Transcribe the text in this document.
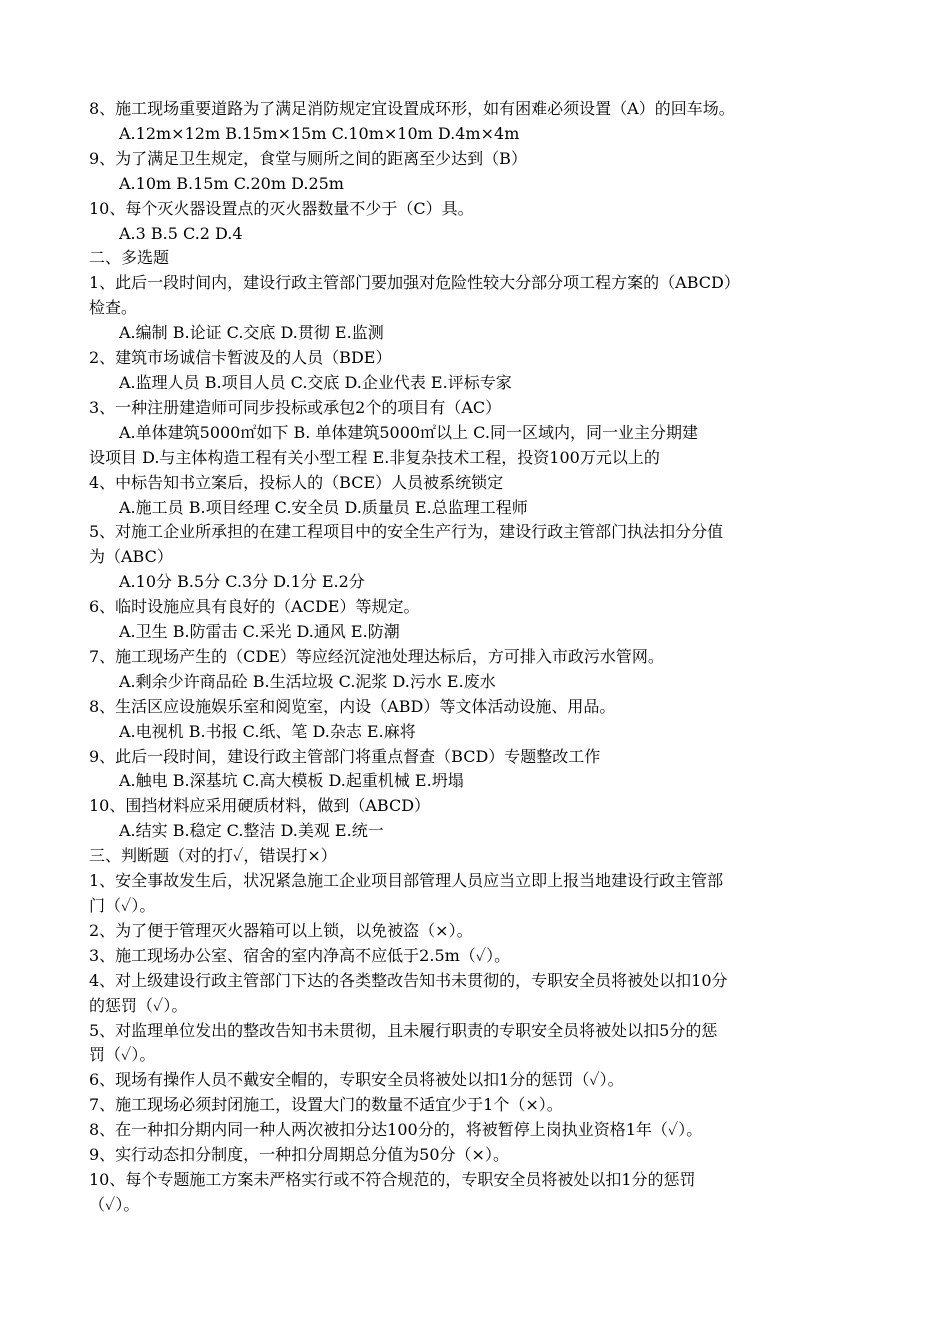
8、施工现场重要道路为了满足消防规定宜设置成环形，如有困难必须设置（A）的回车场。
A.12m×12m B.15m×15m C.10m×10m D.4m×4m
9、为了满足卫生规定，食堂与厕所之间的距离至少达到（B）
A.10m B.15m C.20m D.25m
10、每个灭火器设置点的灭火器数量不少于（C）具。
A.3 B.5 C.2 D.4
二、多选题
1、此后一段时间内，建设行政主管部门要加强对危险性较大分部分项工程方案的（ABCD）
检查。
A.编制 B.论证 C.交底 D.贯彻 E.监测
2、建筑市场诚信卡暂波及的人员（BDE）
A.监理人员 B.项目人员 C.交底 D.企业代表 E.评标专家
3、一种注册建造师可同步投标或承包2个的项目有（AC）
A.单体建筑5000㎡如下 B. 单体建筑5000㎡以上 C.同一区域内，同一业主分期建
设项目 D.与主体构造工程有关小型工程 E.非复杂技术工程，投资100万元以上的
4、中标告知书立案后，投标人的（BCE）人员被系统锁定
A.施工员 B.项目经理 C.安全员 D.质量员 E.总监理工程师
5、对施工企业所承担的在建工程项目中的安全生产行为，建设行政主管部门执法扣分分值
为（ABC）
A.10分 B.5分 C.3分 D.1分 E.2分
6、临时设施应具有良好的（ACDE）等规定。
A.卫生 B.防雷击 C.采光 D.通风 E.防潮
7、施工现场产生的（CDE）等应经沉淀池处理达标后，方可排入市政污水管网。
A.剩余少许商品砼 B.生活垃圾 C.泥浆 D.污水 E.废水
8、生活区应设施娱乐室和阅览室，内设（ABD）等文体活动设施、用品。
A.电视机 B.书报 C.纸、笔 D.杂志 E.麻将
9、此后一段时间，建设行政主管部门将重点督查（BCD）专题整改工作
A.触电 B.深基坑 C.高大模板 D.起重机械 E.坍塌
10、围挡材料应采用硬质材料，做到（ABCD）
A.结实 B.稳定 C.整洁 D.美观 E.统一
三、判断题（对的打✓，错误打×）
1、安全事故发生后，状况紧急施工企业项目部管理人员应当立即上报当地建设行政主管部
门（✓）。
2、为了便于管理灭火器箱可以上锁，以免被盗（×）。
3、施工现场办公室、宿舍的室内净高不应低于2.5m（✓）。
4、对上级建设行政主管部门下达的各类整改告知书未贯彻的，专职安全员将被处以扣10分
的惩罚（✓）。
5、对监理单位发出的整改告知书未贯彻，且未履行职责的专职安全员将被处以扣5分的惩
罚（✓）。
6、现场有操作人员不戴安全帽的，专职安全员将被处以扣1分的惩罚（✓）。
7、施工现场必须封闭施工，设置大门的数量不适宜少于1个（×）。
8、在一种扣分期内同一种人两次被扣分达100分的，将被暂停上岗执业资格1年（✓）。
9、实行动态扣分制度，一种扣分周期总分值为50分（×）。
10、每个专题施工方案未严格实行或不符合规范的，专职安全员将被处以扣1分的惩罚
（✓）。
